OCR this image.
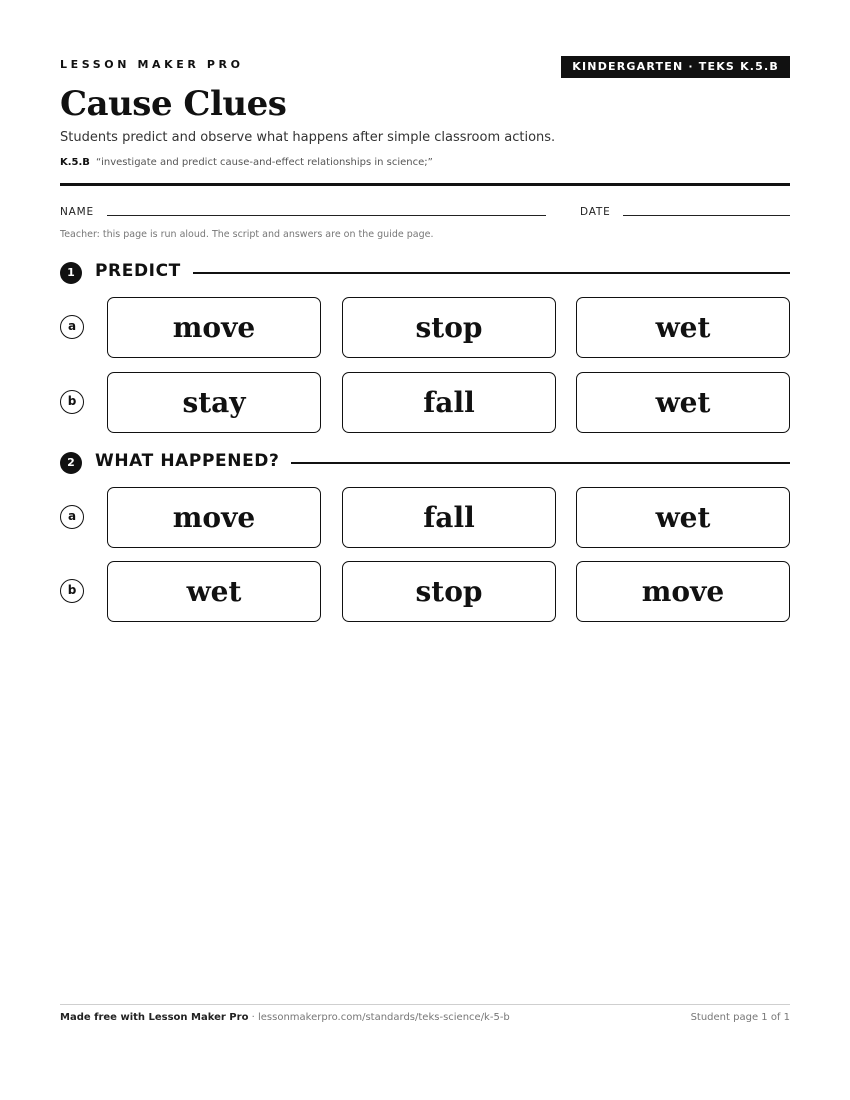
LESSON MAKER PRO	KINDERGARTEN · TEKS K.5.B
Cause Clues
Students predict and observe what happens after simple classroom actions.
K.5.B “investigate and predict cause-and-effect relationships in science;”
NAME	DATE
Teacher: this page is run aloud. The script and answers are on the guide page.
1	PREDICT
a	move	stop	wet
b	stay	fall	wet
2	WHAT HAPPENED?
a	move	fall	wet
b	wet	stop	move
Made free with Lesson Maker Pro · lessonmakerpro.com/standards/teks-science/k-5-b	Student page 1 of 1
